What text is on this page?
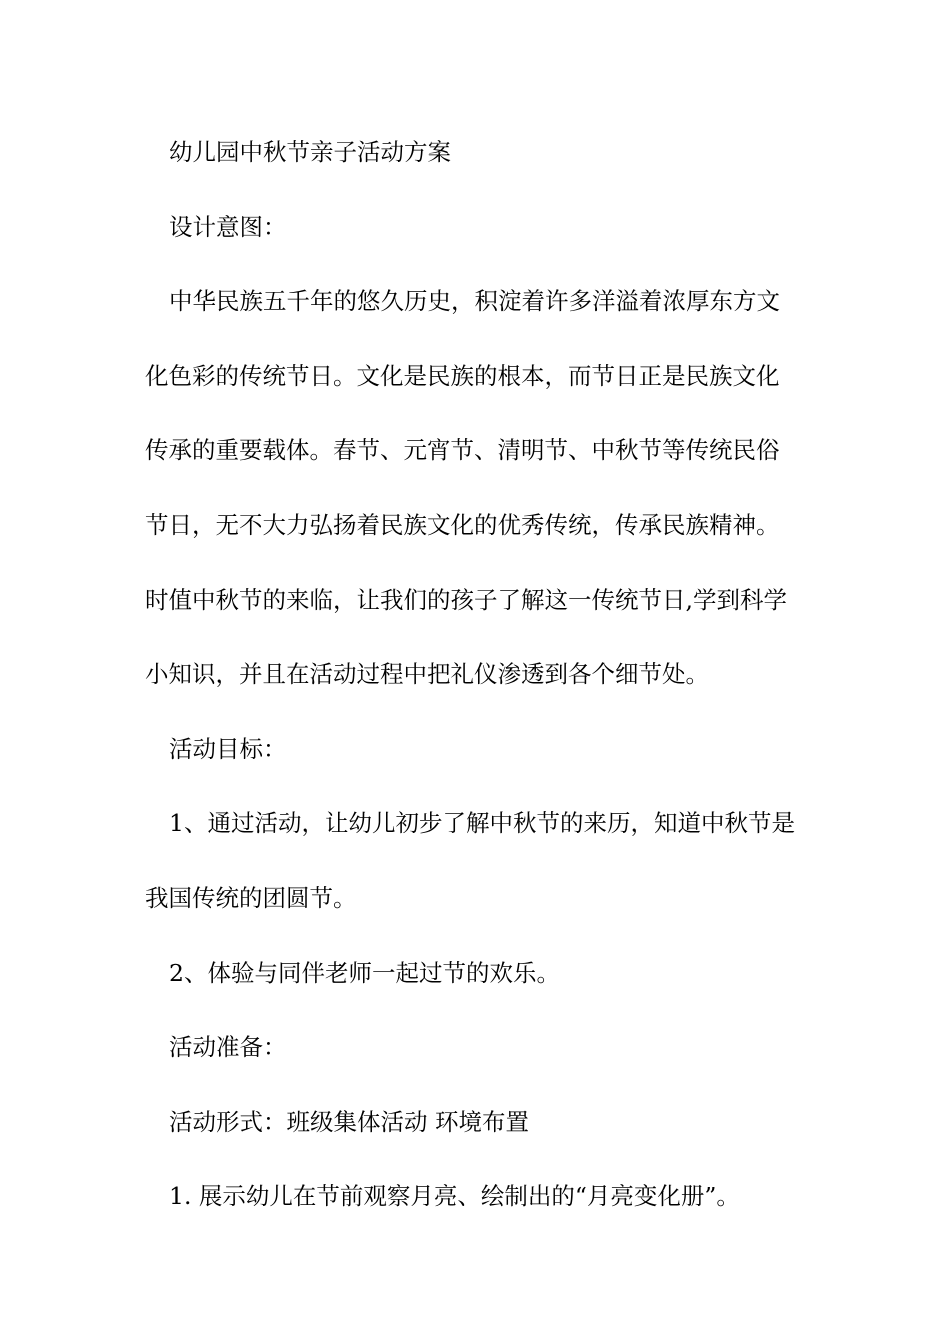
幼儿园中秋节亲子活动方案
设计意图：
中华民族五千年的悠久历史，积淀着许多洋溢着浓厚东方文
化色彩的传统节日。文化是民族的根本，而节日正是民族文化
传承的重要载体。春节、元宵节、清明节、中秋节等传统民俗
节日，无不大力弘扬着民族文化的优秀传统，传承民族精神。
时值中秋节的来临，让我们的孩子了解这一传统节日,学到科学
小知识，并且在活动过程中把礼仪渗透到各个细节处。
活动目标：
1、通过活动，让幼儿初步了解中秋节的来历，知道中秋节是
我国传统的团圆节。
2、体验与同伴老师一起过节的欢乐。
活动准备：
活动形式：班级集体活动 环境布置
1. 展示幼儿在节前观察月亮、绘制出的“月亮变化册”。
